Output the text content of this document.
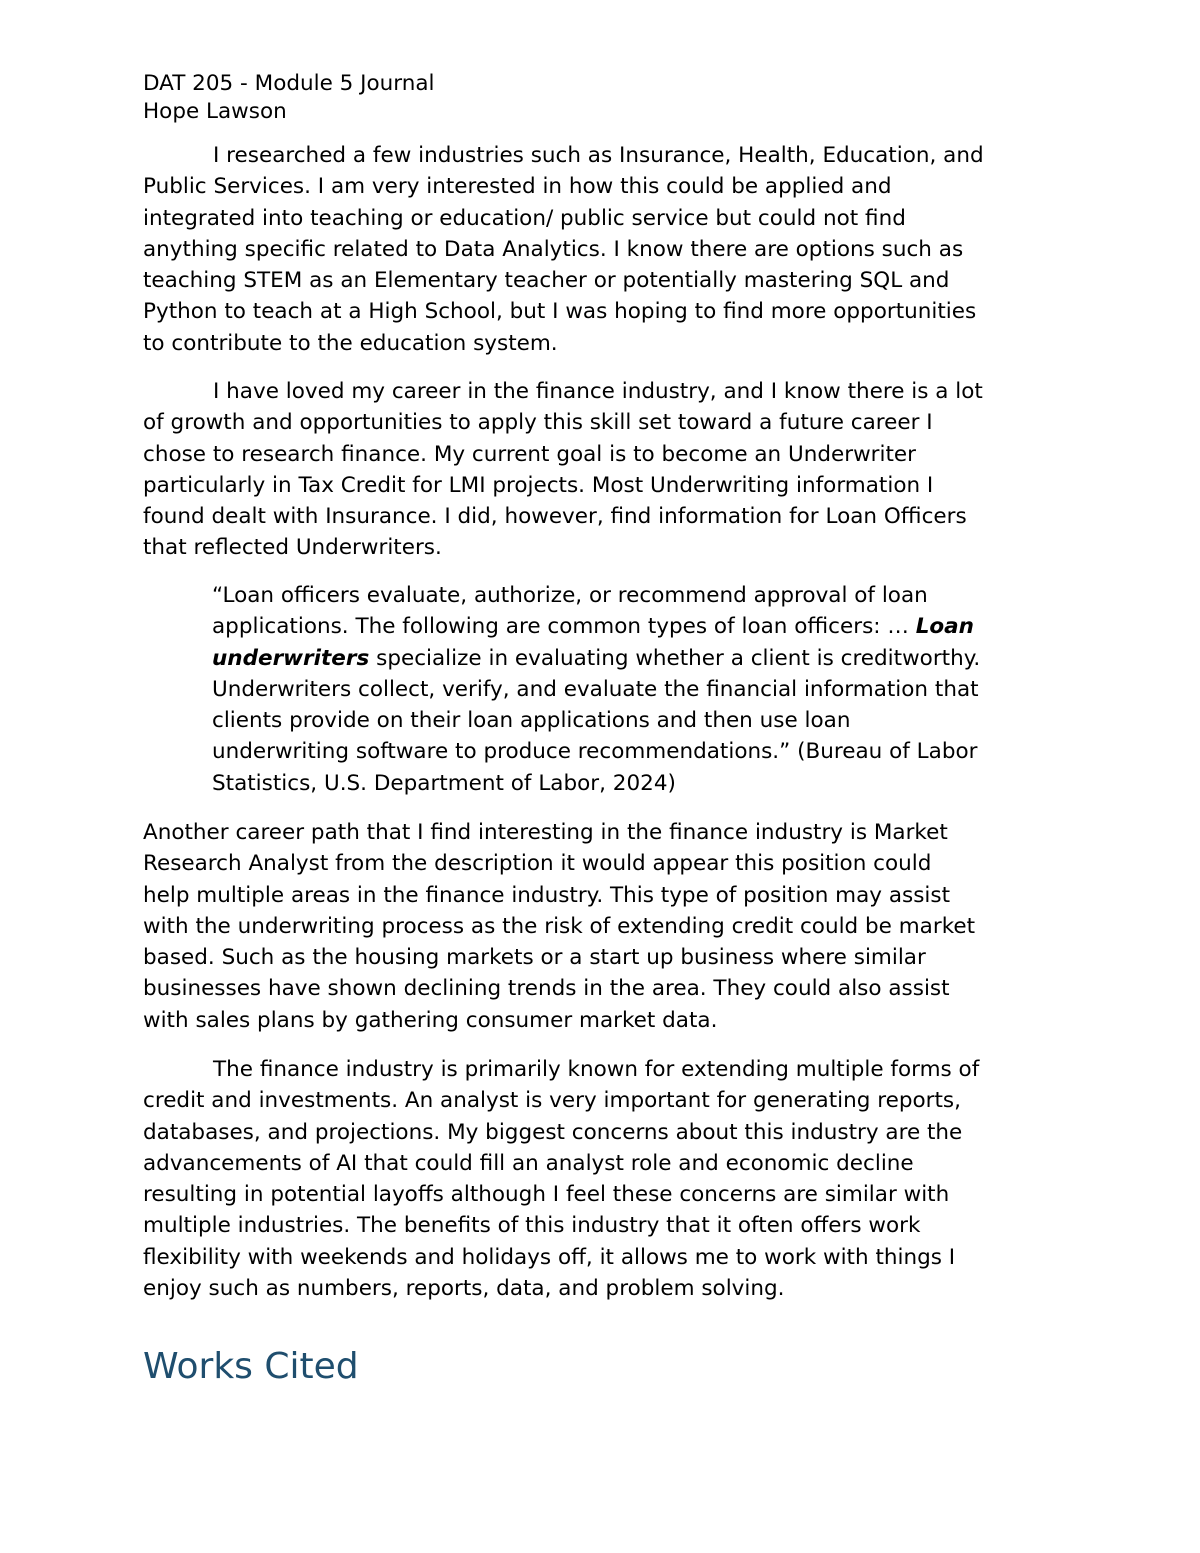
DAT 205 - Module 5 Journal
Hope Lawson
I researched a few industries such as Insurance, Health, Education, and
Public Services. I am very interested in how this could be applied and
integrated into teaching or education/ public service but could not find
anything specific related to Data Analytics. I know there are options such as
teaching STEM as an Elementary teacher or potentially mastering SQL and
Python to teach at a High School, but I was hoping to find more opportunities
to contribute to the education system.
I have loved my career in the finance industry, and I know there is a lot
of growth and opportunities to apply this skill set toward a future career I
chose to research finance. My current goal is to become an Underwriter
particularly in Tax Credit for LMI projects. Most Underwriting information I
found dealt with Insurance. I did, however, find information for Loan Officers
that reflected Underwriters.
“Loan officers evaluate, authorize, or recommend approval of loan
applications. The following are common types of loan officers: … Loan
underwriters specialize in evaluating whether a client is creditworthy.
Underwriters collect, verify, and evaluate the financial information that
clients provide on their loan applications and then use loan
underwriting software to produce recommendations.” (Bureau of Labor
Statistics, U.S. Department of Labor, 2024)
Another career path that I find interesting in the finance industry is Market
Research Analyst from the description it would appear this position could
help multiple areas in the finance industry. This type of position may assist
with the underwriting process as the risk of extending credit could be market
based. Such as the housing markets or a start up business where similar
businesses have shown declining trends in the area. They could also assist
with sales plans by gathering consumer market data.
The finance industry is primarily known for extending multiple forms of
credit and investments. An analyst is very important for generating reports,
databases, and projections. My biggest concerns about this industry are the
advancements of AI that could fill an analyst role and economic decline
resulting in potential layoffs although I feel these concerns are similar with
multiple industries. The benefits of this industry that it often offers work
flexibility with weekends and holidays off, it allows me to work with things I
enjoy such as numbers, reports, data, and problem solving.
Works Cited
